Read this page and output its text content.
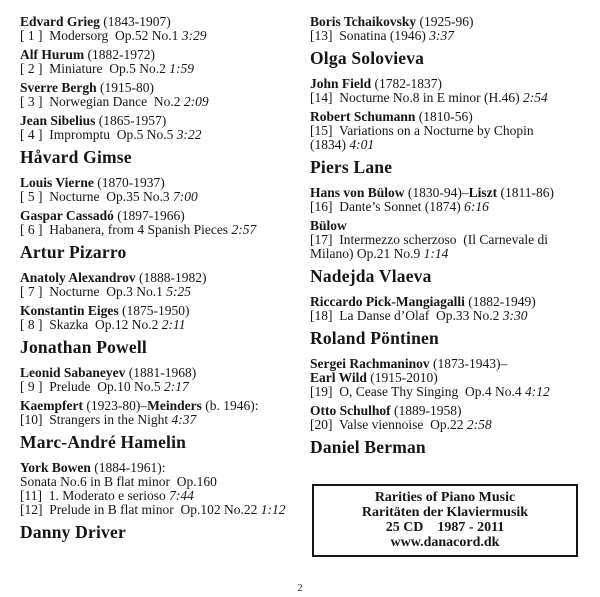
Edvard Grieg (1843-1907)
[ 1 ]  Modersorg  Op.52 No.1 3:29
Alf Hurum (1882-1972)
[ 2 ]  Miniature  Op.5 No.2 1:59
Sverre Bergh (1915-80)
[ 3 ]  Norwegian Dance  No.2 2:09
Jean Sibelius (1865-1957)
[ 4 ]  Impromptu  Op.5 No.5 3:22
Håvard Gimse
Louis Vierne (1870-1937)
[ 5 ]  Nocturne  Op.35 No.3 7:00
Gaspar Cassadó (1897-1966)
[ 6 ]  Habanera, from 4 Spanish Pieces 2:57
Artur Pizarro
Anatoly Alexandrov (1888-1982)
[ 7 ]  Nocturne  Op.3 No.1 5:25
Konstantin Eiges (1875-1950)
[ 8 ]  Skazka  Op.12 No.2 2:11
Jonathan Powell
Leonid Sabaneyev (1881-1968)
[ 9 ]  Prelude  Op.10 No.5 2:17
Kaempfert (1923-80)–Meinders (b. 1946):
[10]  Strangers in the Night 4:37
Marc-André Hamelin
York Bowen (1884-1961):
Sonata No.6 in B flat minor  Op.160
[11]  1. Moderato e serioso 7:44
[12]  Prelude in B flat minor  Op.102 No.22 1:12
Danny Driver
Boris Tchaikovsky (1925-96)
[13]  Sonatina (1946) 3:37
Olga Solovieva
John Field (1782-1837)
[14]  Nocturne No.8 in E minor (H.46) 2:54
Robert Schumann (1810-56)
[15]  Variations on a Nocturne by Chopin
(1834) 4:01
Piers Lane
Hans von Bülow (1830-94)–Liszt (1811-86)
[16]  Dante’s Sonnet (1874) 6:16
Bülow
[17]  Intermezzo scherzoso  (Il Carnevale di
Milano) Op.21 No.9 1:14
Nadejda Vlaeva
Riccardo Pick-Mangiagalli (1882-1949)
[18]  La Danse d’Olaf  Op.33 No.2 3:30
Roland Pöntinen
Sergei Rachmaninov (1873-1943)–
Earl Wild (1915-2010)
[19]  O, Cease Thy Singing  Op.4 No.4 4:12
Otto Schulhof (1889-1958)
[20]  Valse viennoise  Op.22 2:58
Daniel Berman
Rarities of Piano Music
Raritäten der Klaviermusik
25 CD    1987 - 2011
www.danacord.dk
2
